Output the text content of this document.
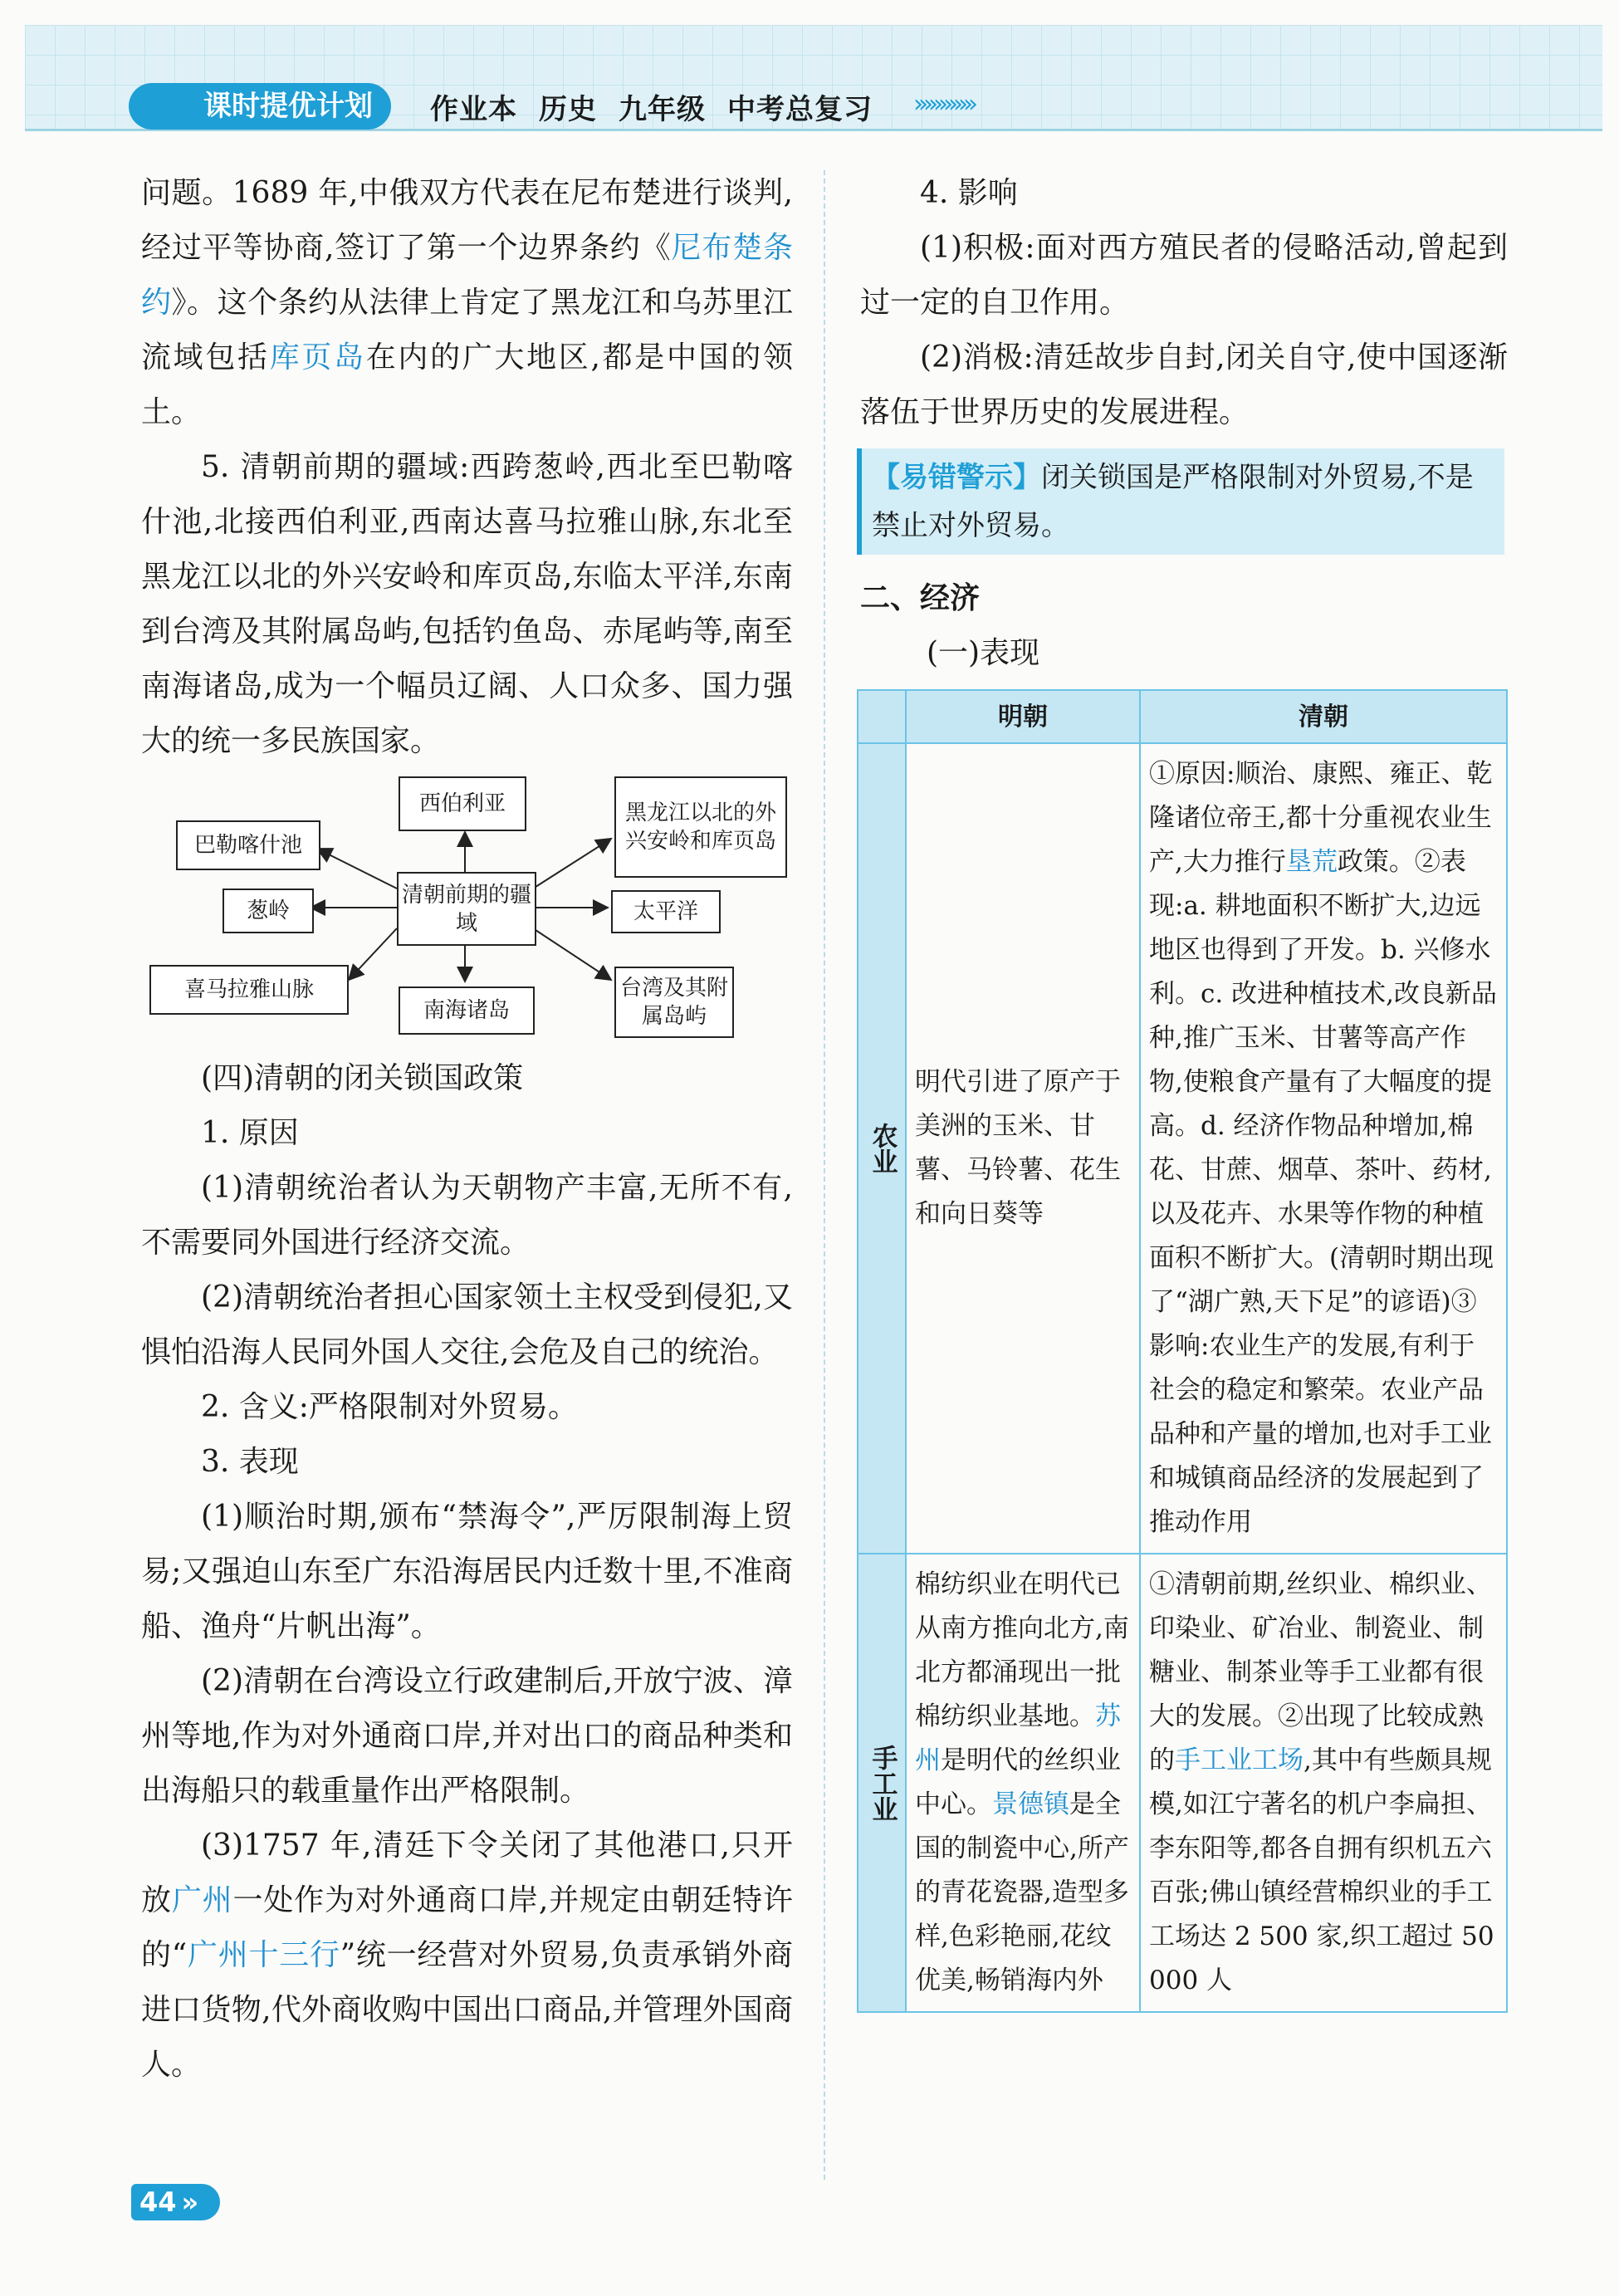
课时提优计划	作业本 历史 九年级 中考总复习	››››››››››››

问题。1689 年,中俄双方代表在尼布楚进行谈判,经过平等协商,签订了第一个边界条约《尼布楚条约》。这个条约从法律上肯定了黑龙江和乌苏里江流域包括库页岛在内的广大地区,都是中国的领土。

5. 清朝前期的疆域:西跨葱岭,西北至巴勒喀什池,北接西伯利亚,西南达喜马拉雅山脉,东北至黑龙江以北的外兴安岭和库页岛,东临太平洋,东南到台湾及其附属岛屿,包括钓鱼岛、赤尾屿等,南至南海诸岛,成为一个幅员辽阔、人口众多、国力强大的统一多民族国家。

清朝前期的疆域
西伯利亚	黑龙江以北的外兴安岭和库页岛
巴勒喀什池
葱岭
喜马拉雅山脉
太平洋
台湾及其附属岛屿
南海诸岛

(四)清朝的闭关锁国政策

1. 原因

(1)清朝统治者认为天朝物产丰富,无所不有,不需要同外国进行经济交流。

(2)清朝统治者担心国家领土主权受到侵犯,又惧怕沿海人民同外国人交往,会危及自己的统治。

2. 含义:严格限制对外贸易。

3. 表现

(1)顺治时期,颁布“禁海令”,严厉限制海上贸易;又强迫山东至广东沿海居民内迁数十里,不准商船、渔舟“片帆出海”。

(2)清朝在台湾设立行政建制后,开放宁波、漳州等地,作为对外通商口岸,并对出口的商品种类和出海船只的载重量作出严格限制。

(3)1757 年,清廷下令关闭了其他港口,只开放广州一处作为对外通商口岸,并规定由朝廷特许的“广州十三行”统一经营对外贸易,负责承销外商进口货物,代外商收购中国出口商品,并管理外国商人。

4. 影响

(1)积极:面对西方殖民者的侵略活动,曾起到过一定的自卫作用。

(2)消极:清廷故步自封,闭关自守,使中国逐渐落伍于世界历史的发展进程。

【易错警示】闭关锁国是严格限制对外贸易,不是禁止对外贸易。

二、经济

(一)表现

	明朝	清朝

农业	明代引进了原产于美洲的玉米、甘薯、马铃薯、花生和向日葵等	①原因:顺治、康熙、雍正、乾隆诸位帝王,都十分重视农业生产,大力推行垦荒政策。②表现:a. 耕地面积不断扩大,边远地区也得到了开发。b. 兴修水利。c. 改进种植技术,改良新品种,推广玉米、甘薯等高产作物,使粮食产量有了大幅度的提高。d. 经济作物品种增加,棉花、甘蔗、烟草、茶叶、药材,以及花卉、水果等作物的种植面积不断扩大。(清朝时期出现了“湖广熟,天下足”的谚语)③影响:农业生产的发展,有利于社会的稳定和繁荣。农业产品品种和产量的增加,也对手工业和城镇商品经济的发展起到了推动作用

手工业	棉纺织业在明代已从南方推向北方,南北方都涌现出一批棉纺织业基地。苏州是明代的丝织业中心。景德镇是全国的制瓷中心,所产的青花瓷器,造型多样,色彩艳丽,花纹优美,畅销海内外	①清朝前期,丝织业、棉织业、印染业、矿冶业、制瓷业、制糖业、制茶业等手工业都有很大的发展。②出现了比较成熟的手工业工场,其中有些颇具规模,如江宁著名的机户李扁担、李东阳等,都各自拥有织机五六百张;佛山镇经营棉织业的手工工场达 2 500 家,织工超过 50 000 人
44 »
